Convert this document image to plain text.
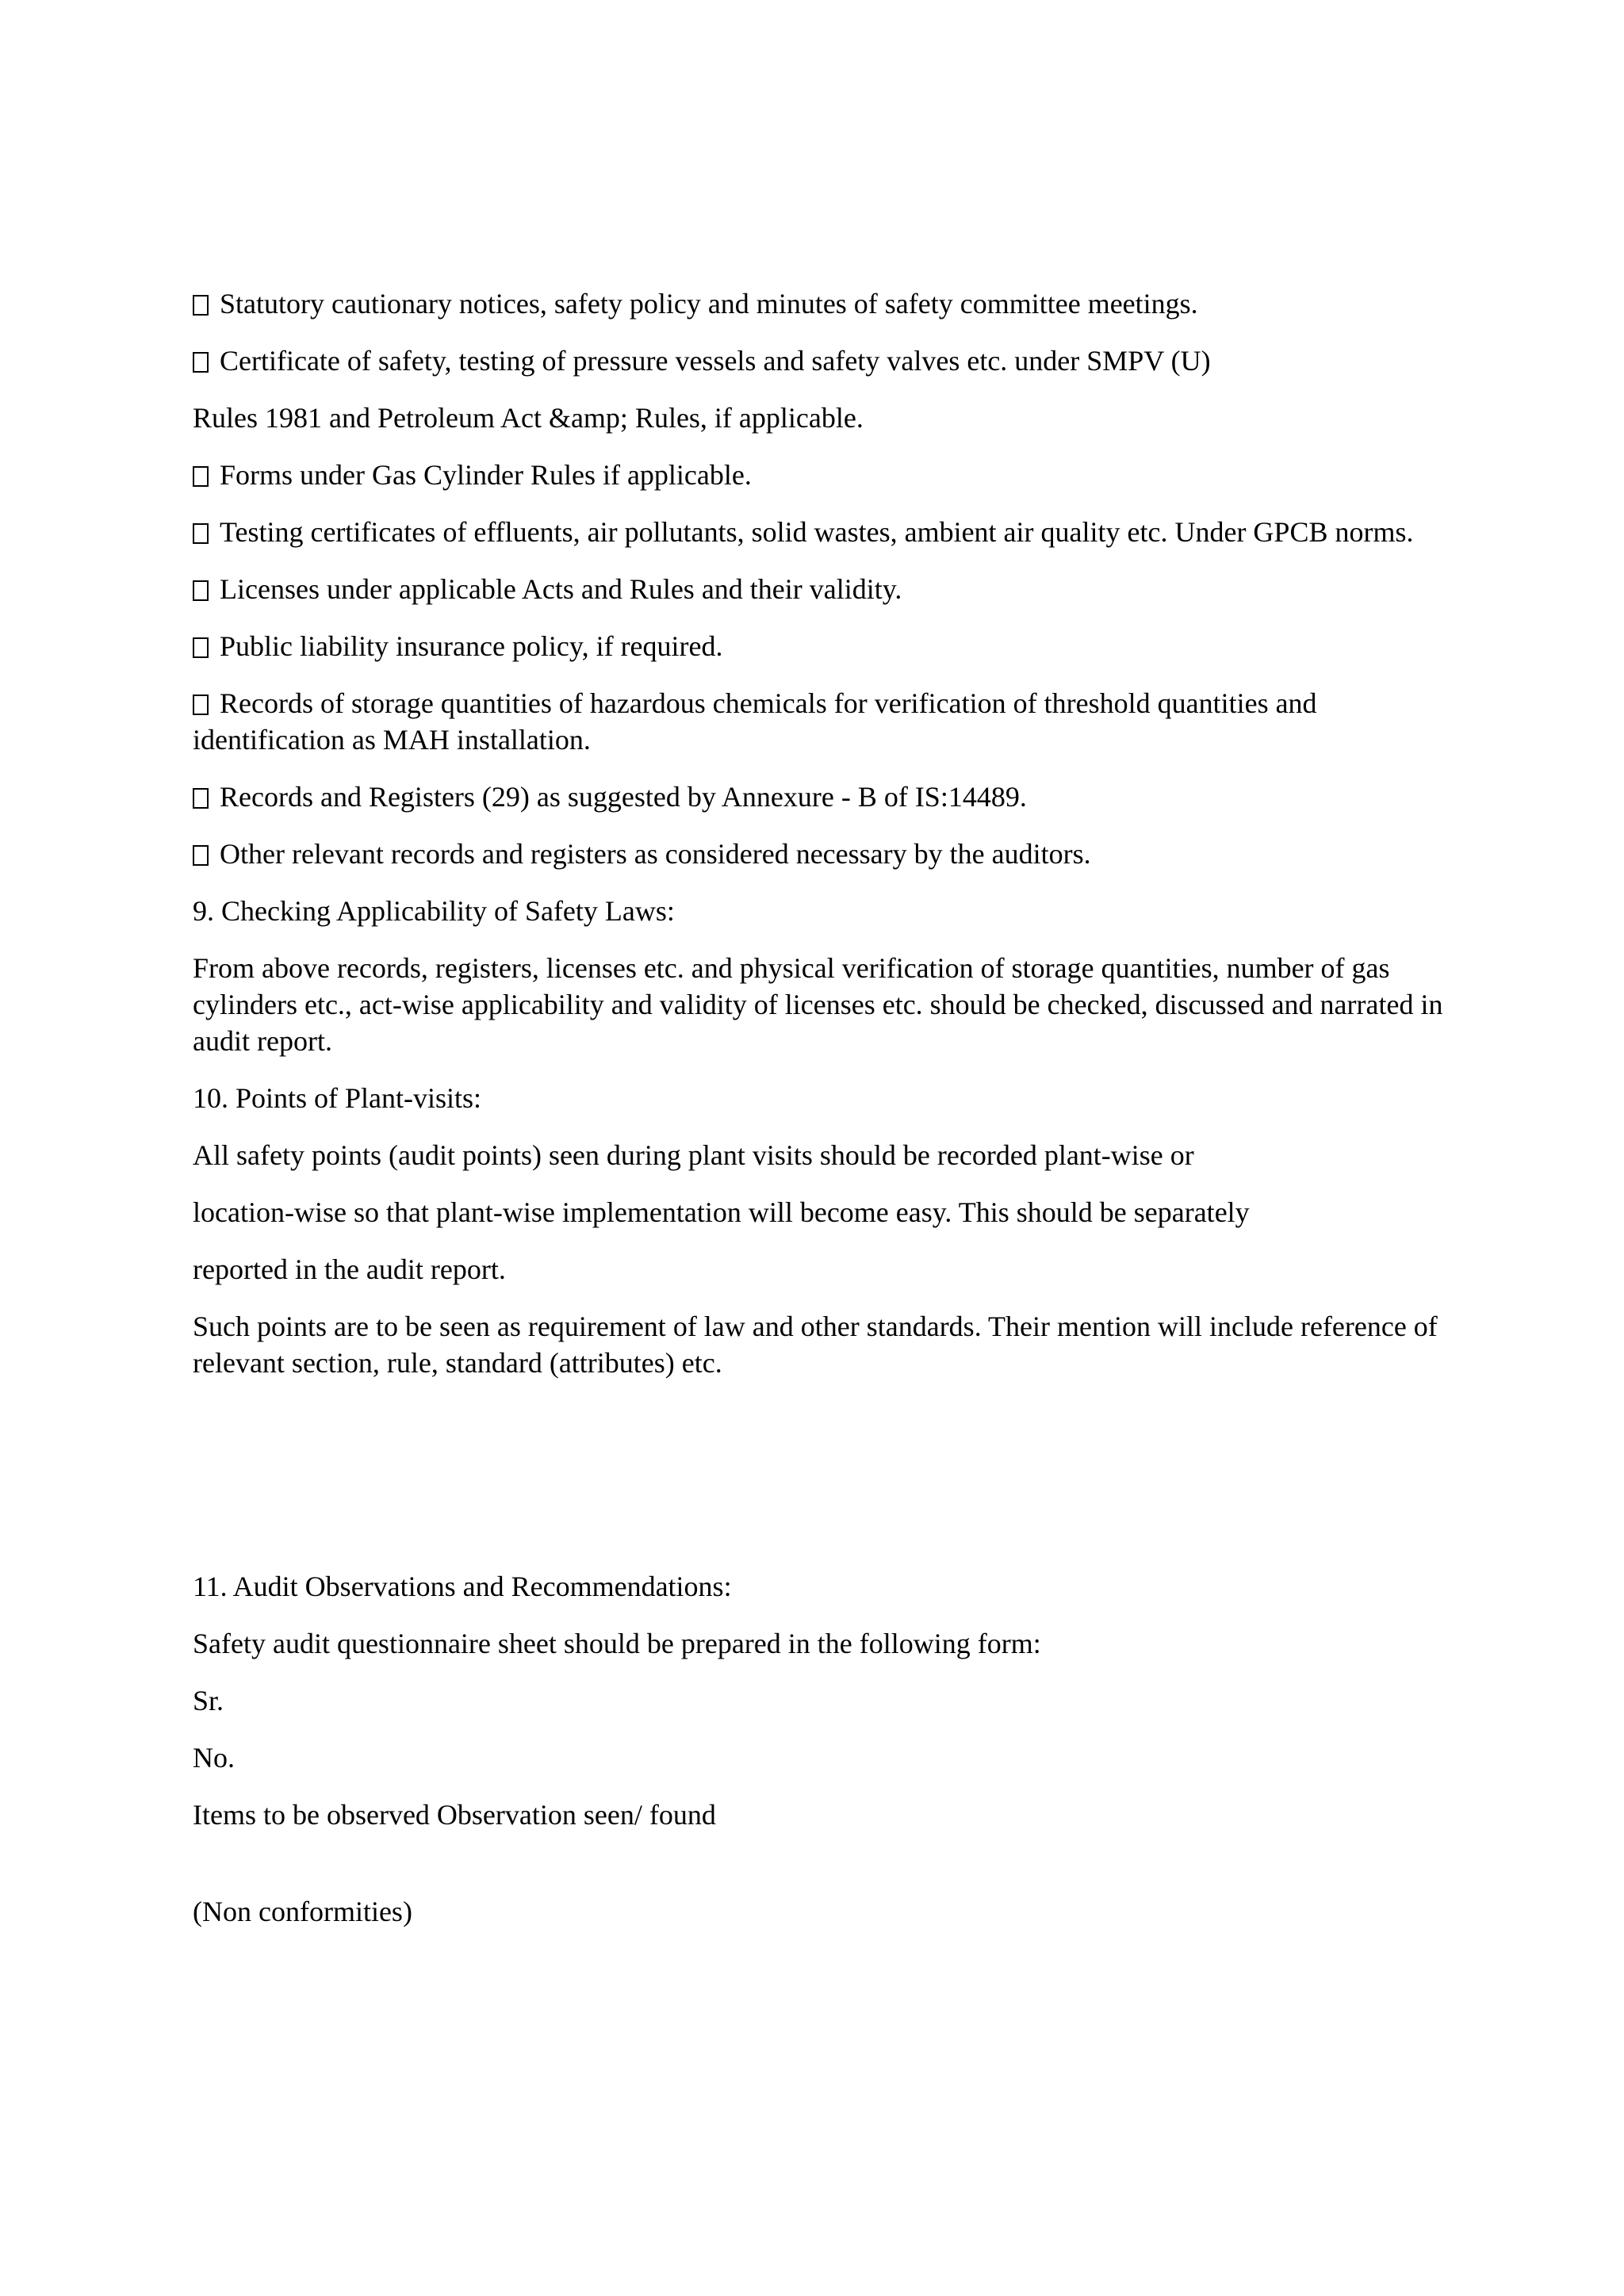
Statutory cautionary notices, safety policy and minutes of safety committee meetings.

Certificate of safety, testing of pressure vessels and safety valves etc. under SMPV (U)

Rules 1981 and Petroleum Act &amp; Rules, if applicable.

Forms under Gas Cylinder Rules if applicable.

Testing certificates of effluents, air pollutants, solid wastes, ambient air quality etc. Under GPCB norms.

Licenses under applicable Acts and Rules and their validity.

Public liability insurance policy, if required.

Records of storage quantities of hazardous chemicals for verification of threshold quantities and identification as MAH installation.

Records and Registers (29) as suggested by Annexure - B of IS:14489.

Other relevant records and registers as considered necessary by the auditors.

9. Checking Applicability of Safety Laws:

From above records, registers, licenses etc. and physical verification of storage quantities, number of gas cylinders etc., act-wise applicability and validity of licenses etc. should be checked, discussed and narrated in audit report.

10. Points of Plant-visits:

All safety points (audit points) seen during plant visits should be recorded plant-wise or

location-wise so that plant-wise implementation will become easy. This should be separately

reported in the audit report.

Such points are to be seen as requirement of law and other standards. Their mention will include reference of relevant section, rule, standard (attributes) etc.

11. Audit Observations and Recommendations:

Safety audit questionnaire sheet should be prepared in the following form:

Sr.

No.

Items to be observed Observation seen/ found

(Non conformities)
